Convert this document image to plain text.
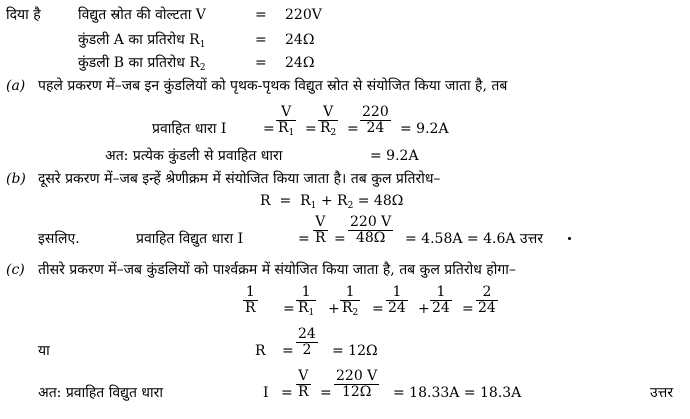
दिया है	विद्युत स्रोत की वोल्टता V	= 220V
कुंडली A का प्रतिरोध $R_1$	= 24Ω
कुंडली B का प्रतिरोध $R_2$	= 24Ω
(a) पहले प्रकरण में–जब इन कुंडलियों को पृथक-पृथक विद्युत स्रोत से संयोजित किया जाता है, तब
प्रवाहित धारा I	=
V
$R_1$ =
V
$R_2$ =
220
24 = 9.2A
अत: प्रत्येक कुंडली से प्रवाहित धारा	= 9.2A
(b) दूसरे प्रकरण में–जब इन्हें श्रेणीक्रम में संयोजित किया जाता है। तब कुल प्रतिरोध–
$R = R_1 + R_2 = 48\Omega$
इसलिए.	प्रवाहित विद्युत धारा I	=
V
R =
220 V
48Ω = 4.58A = 4.6A उत्तर
(c) तीसरे प्रकरण में–जब कुंडलियों को पार्श्वक्रम में संयोजित किया जाता है, तब कुल प्रतिरोध होगा–
1
R =
1
$R_1$ +
1
$R_2$ =
1
24 +
1
24 =
2
24
या	R =
24
2 = 12Ω
अत: प्रवाहित विद्युत धारा	I =
V
R =
220 V
12Ω = 18.33A = 18.3A	उत्तर
